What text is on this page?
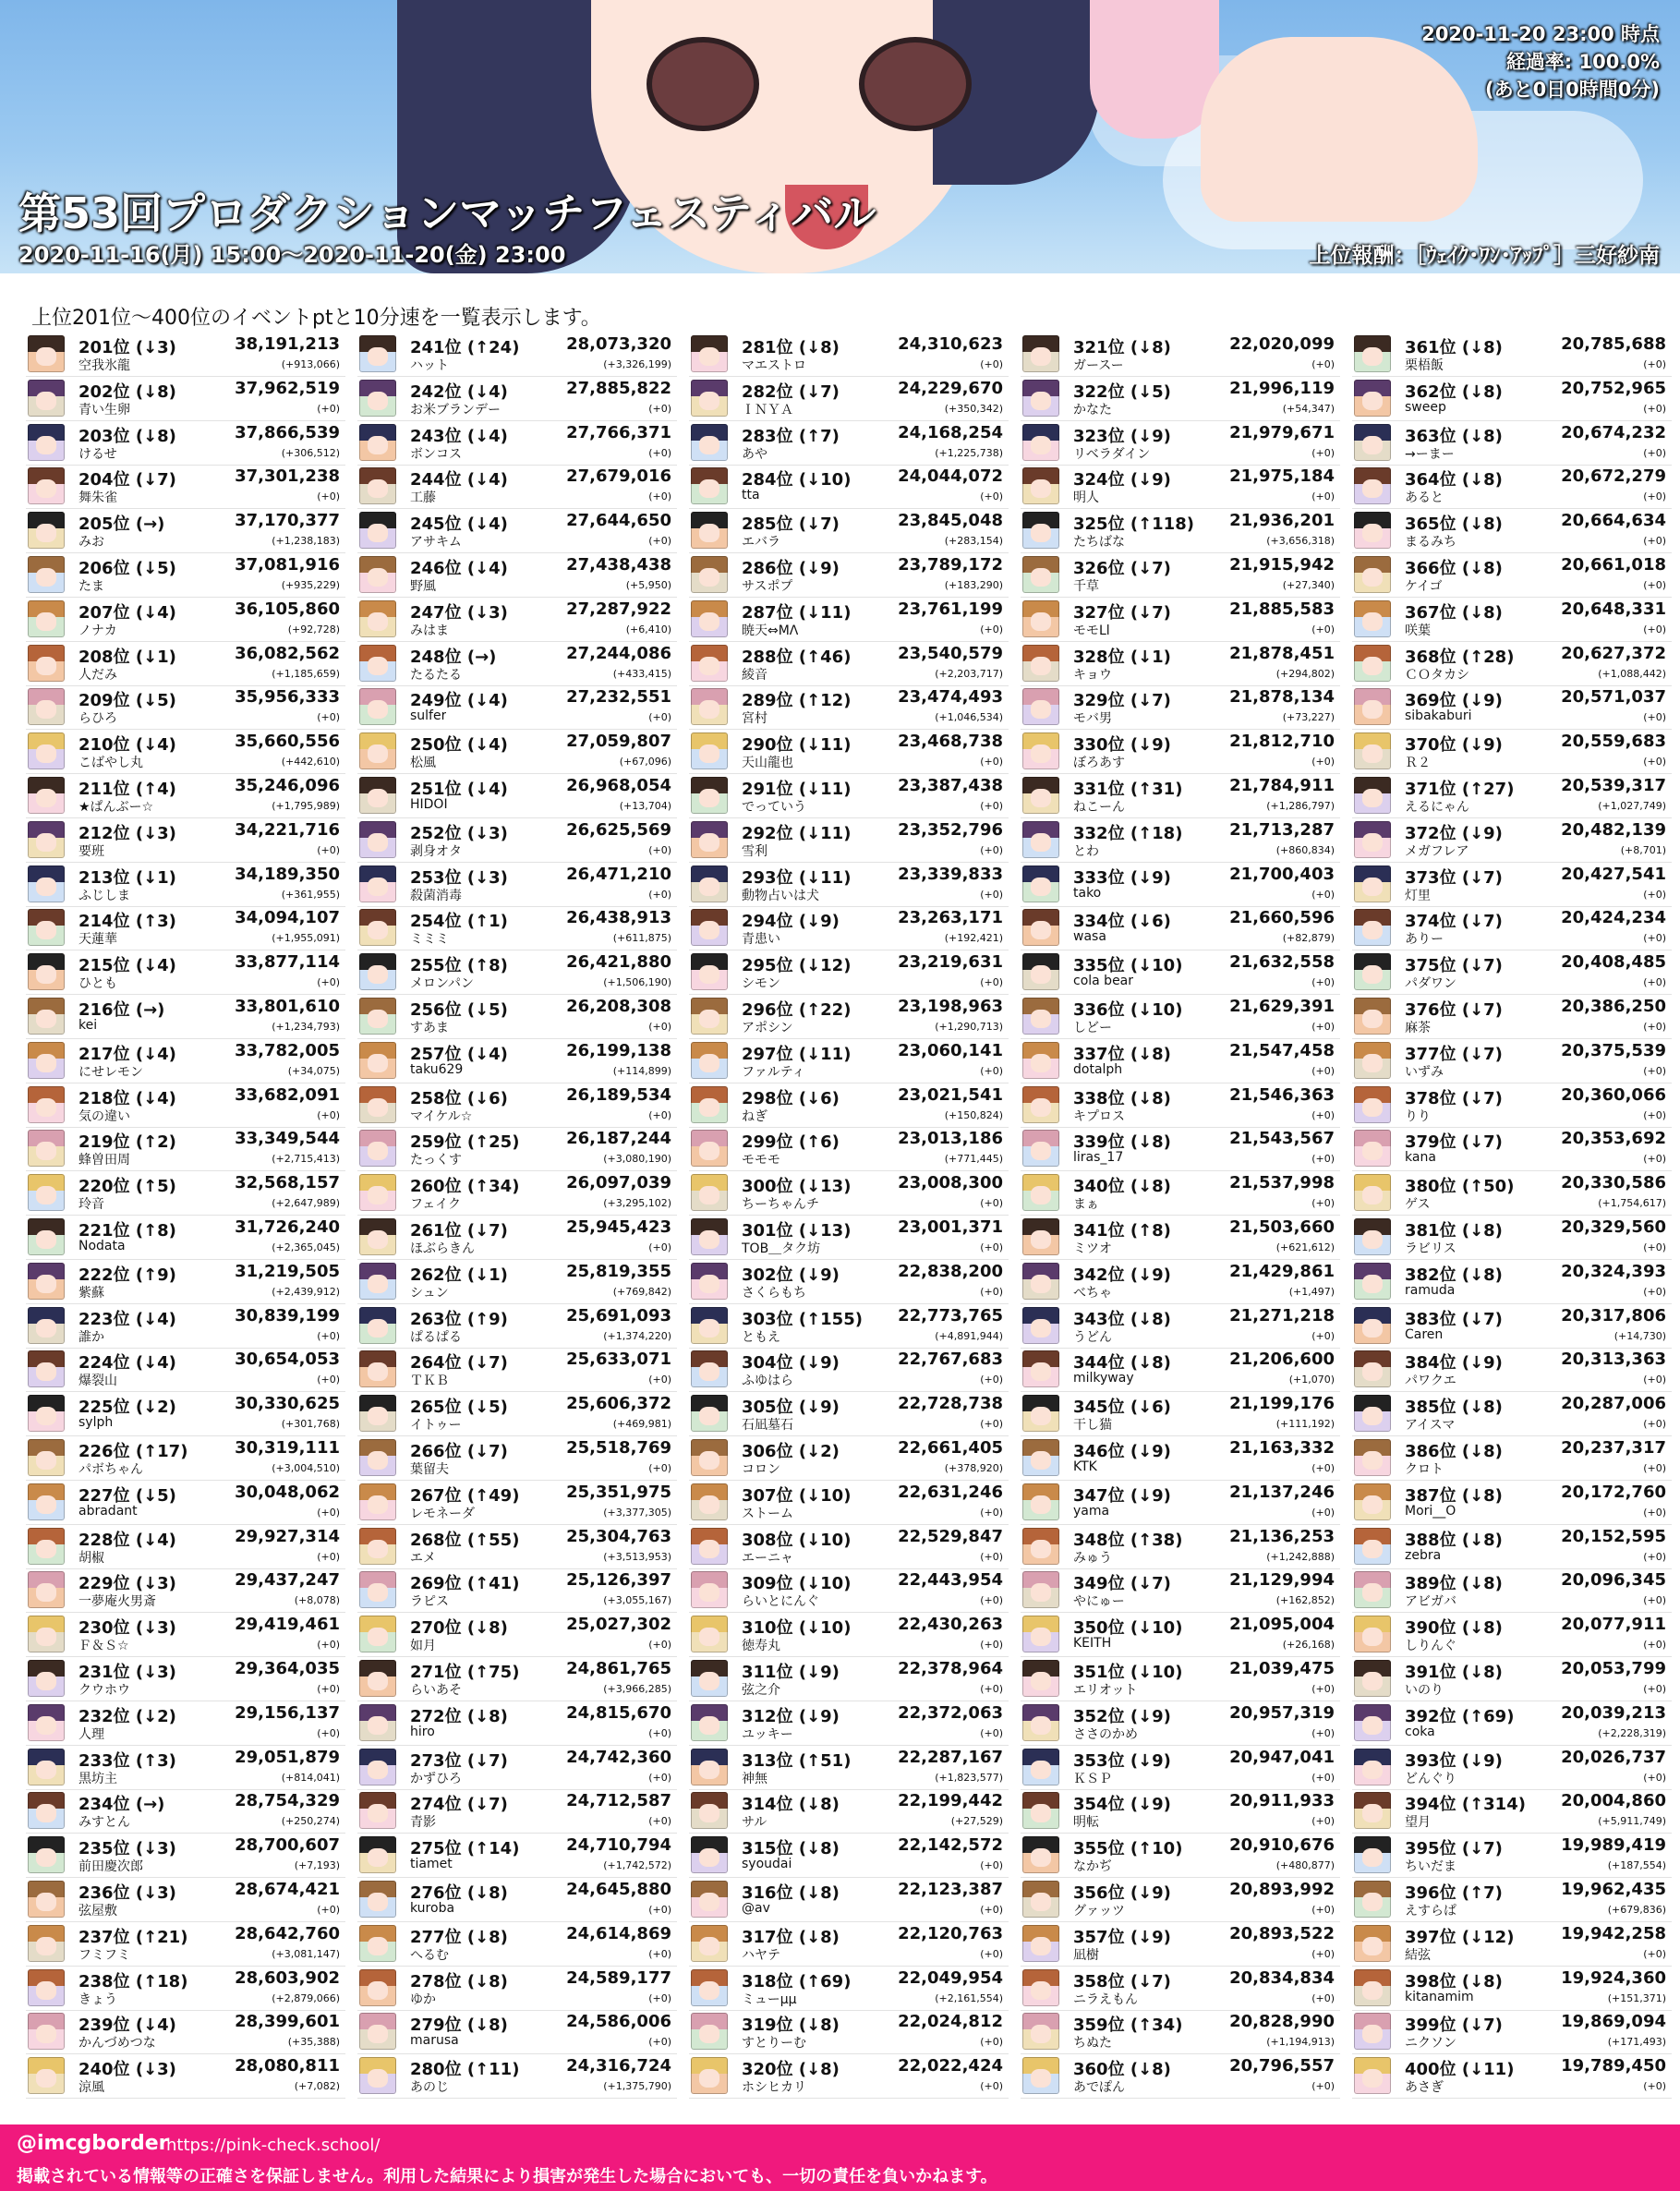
2020-11-20 23:00 時点
経過率: 100.0%
(あと0日0時間0分)
第53回プロダクションマッチフェスティバル
2020-11-16(月) 15:00～2020-11-20(金) 23:00	上位報酬：［ｳｪｲｸ･ﾜﾝ･ｱｯﾌﾟ］三好紗南
上位201位～400位のイベントptと10分速を一覧表示します。
201位 (↓3)	38,191,213
空我氷龍	(+913,066)
202位 (↓8)	37,962,519
青い生卵	(+0)
203位 (↓8)	37,866,539
けるせ	(+306,512)
204位 (↓7)	37,301,238
舞朱雀	(+0)
205位 (→)	37,170,377
みお	(+1,238,183)
206位 (↓5)	37,081,916
たま	(+935,229)
207位 (↓4)	36,105,860
ノナカ	(+92,728)
208位 (↓1)	36,082,562
人だみ	(+1,185,659)
209位 (↓5)	35,956,333
らひろ	(+0)
210位 (↓4)	35,660,556
こばやし丸	(+442,610)
211位 (↑4)	35,246,096
★ぱんぶー☆	(+1,795,989)
212位 (↓3)	34,221,716
要班	(+0)
213位 (↓1)	34,189,350
ふじしま	(+361,955)
214位 (↑3)	34,094,107
天蓮華	(+1,955,091)
215位 (↓4)	33,877,114
ひとも	(+0)
216位 (→)	33,801,610
kei	(+1,234,793)
217位 (↓4)	33,782,005
にせレモン	(+34,075)
218位 (↓4)	33,682,091
気の違い	(+0)
219位 (↑2)	33,349,544
蜂曽田周	(+2,715,413)
220位 (↑5)	32,568,157
玲音	(+2,647,989)
221位 (↑8)	31,726,240
Nodata	(+2,365,045)
222位 (↑9)	31,219,505
紫蘇	(+2,439,912)
223位 (↓4)	30,839,199
誰か	(+0)
224位 (↓4)	30,654,053
爆裂山	(+0)
225位 (↓2)	30,330,625
sylph	(+301,768)
226位 (↑17)	30,319,111
パボちゃん	(+3,004,510)
227位 (↓5)	30,048,062
abradant	(+0)
228位 (↓4)	29,927,314
胡椒	(+0)
229位 (↓3)	29,437,247
一夢庵火男斎	(+8,078)
230位 (↓3)	29,419,461
Ｆ＆Ｓ☆	(+0)
231位 (↓3)	29,364,035
クウホウ	(+0)
232位 (↓2)	29,156,137
人理	(+0)
233位 (↑3)	29,051,879
黒坊主	(+814,041)
234位 (→)	28,754,329
みすとん	(+250,274)
235位 (↓3)	28,700,607
前田慶次郎	(+7,193)
236位 (↓3)	28,674,421
弦屋敷	(+0)
237位 (↑21)	28,642,760
フミフミ	(+3,081,147)
238位 (↑18)	28,603,902
きょう	(+2,879,066)
239位 (↓4)	28,399,601
かんづめつな	(+35,388)
240位 (↓3)	28,080,811
涼風	(+7,082)
241位 (↑24)	28,073,320
ハット	(+3,326,199)
242位 (↓4)	27,885,822
お米ブランデー	(+0)
243位 (↓4)	27,766,371
ボンコス	(+0)
244位 (↓4)	27,679,016
工藤	(+0)
245位 (↓4)	27,644,650
アサキム	(+0)
246位 (↓4)	27,438,438
野風	(+5,950)
247位 (↓3)	27,287,922
みはま	(+6,410)
248位 (→)	27,244,086
たるたる	(+433,415)
249位 (↓4)	27,232,551
sulfer	(+0)
250位 (↓4)	27,059,807
松風	(+67,096)
251位 (↓4)	26,968,054
HIDOI	(+13,704)
252位 (↓3)	26,625,569
剥身オタ	(+0)
253位 (↓3)	26,471,210
殺菌消毒	(+0)
254位 (↑1)	26,438,913
ミミミ	(+611,875)
255位 (↑8)	26,421,880
メロンパン	(+1,506,190)
256位 (↓5)	26,208,308
すあま	(+0)
257位 (↓4)	26,199,138
taku629	(+114,899)
258位 (↓6)	26,189,534
マイケル☆	(+0)
259位 (↑25)	26,187,244
たっくす	(+3,080,190)
260位 (↑34)	26,097,039
フェイク	(+3,295,102)
261位 (↓7)	25,945,423
ほぶらきん	(+0)
262位 (↓1)	25,819,355
シュン	(+769,842)
263位 (↑9)	25,691,093
ぱるぱる	(+1,374,220)
264位 (↓7)	25,633,071
ＴＫＢ	(+0)
265位 (↓5)	25,606,372
イトゥー	(+469,981)
266位 (↓7)	25,518,769
葉留夫	(+0)
267位 (↑49)	25,351,975
レモネーダ	(+3,377,305)
268位 (↑55)	25,304,763
エメ	(+3,513,953)
269位 (↑41)	25,126,397
ラピス	(+3,055,167)
270位 (↓8)	25,027,302
如月	(+0)
271位 (↑75)	24,861,765
らいあそ	(+3,966,285)
272位 (↓8)	24,815,670
hiro	(+0)
273位 (↓7)	24,742,360
かずひろ	(+0)
274位 (↓7)	24,712,587
青影	(+0)
275位 (↑14)	24,710,794
tiamet	(+1,742,572)
276位 (↓8)	24,645,880
kuroba	(+0)
277位 (↓8)	24,614,869
へるむ	(+0)
278位 (↓8)	24,589,177
ゆか	(+0)
279位 (↓8)	24,586,006
marusa	(+0)
280位 (↑11)	24,316,724
あのじ	(+1,375,790)
281位 (↓8)	24,310,623
マエストロ	(+0)
282位 (↓7)	24,229,670
ＩＮＹＡ	(+350,342)
283位 (↑7)	24,168,254
あや	(+1,225,738)
284位 (↓10)	24,044,072
tta	(+0)
285位 (↓7)	23,845,048
エバラ	(+283,154)
286位 (↓9)	23,789,172
サスポプ	(+183,290)
287位 (↓11)	23,761,199
暁天⇔MΛ	(+0)
288位 (↑46)	23,540,579
綾音	(+2,203,717)
289位 (↑12)	23,474,493
宮村	(+1,046,534)
290位 (↓11)	23,468,738
天山龍也	(+0)
291位 (↓11)	23,387,438
でっていう	(+0)
292位 (↓11)	23,352,796
雪利	(+0)
293位 (↓11)	23,339,833
動物占いは犬	(+0)
294位 (↓9)	23,263,171
青患い	(+192,421)
295位 (↓12)	23,219,631
シモン	(+0)
296位 (↑22)	23,198,963
アポシン	(+1,290,713)
297位 (↓11)	23,060,141
ファルティ	(+0)
298位 (↓6)	23,021,541
ねぎ	(+150,824)
299位 (↑6)	23,013,186
モモモ	(+771,445)
300位 (↓13)	23,008,300
ちーちゃんチ	(+0)
301位 (↓13)	23,001,371
TOB＿タク坊	(+0)
302位 (↓9)	22,838,200
さくらもち	(+0)
303位 (↑155) 22,773,765
ともえ	(+4,891,944)
304位 (↓9)	22,767,683
ふゆはら	(+0)
305位 (↓9)	22,728,738
石凪墓石	(+0)
306位 (↓2)	22,661,405
コロン	(+378,920)
307位 (↓10)	22,631,246
ストーム	(+0)
308位 (↓10)	22,529,847
エーニャ	(+0)
309位 (↓10)	22,443,954
らいとにんぐ	(+0)
310位 (↓10)	22,430,263
徳寿丸	(+0)
311位 (↓9)	22,378,964
弦之介	(+0)
312位 (↓9)	22,372,063
ユッキー	(+0)
313位 (↑51)	22,287,167
神無	(+1,823,577)
314位 (↓8)	22,199,442
サル	(+27,529)
315位 (↓8)	22,142,572
syoudai	(+0)
316位 (↓8)	22,123,387
@av	(+0)
317位 (↓8)	22,120,763
ハヤテ	(+0)
318位 (↑69)	22,049,954
ミューμμ	(+2,161,554)
319位 (↓8)	22,024,812
すとりーむ	(+0)
320位 (↓8)	22,022,424
ホシヒカリ	(+0)
321位 (↓8)	22,020,099
ガースー	(+0)
322位 (↓5)	21,996,119
かなた	(+54,347)
323位 (↓9)	21,979,671
リベラダイン	(+0)
324位 (↓9)	21,975,184
明人	(+0)
325位 (↑118) 21,936,201
たちばな	(+3,656,318)
326位 (↓7)	21,915,942
千草	(+27,340)
327位 (↓7)	21,885,583
モモLl	(+0)
328位 (↓1)	21,878,451
キョウ	(+294,802)
329位 (↓7)	21,878,134
モバ男	(+73,227)
330位 (↓9)	21,812,710
ぼろあす	(+0)
331位 (↑31)	21,784,911
ねこーん	(+1,286,797)
332位 (↑18)	21,713,287
とわ	(+860,834)
333位 (↓9)	21,700,403
tako	(+0)
334位 (↓6)	21,660,596
wasa	(+82,879)
335位 (↓10)	21,632,558
cola bear	(+0)
336位 (↓10)	21,629,391
しどー	(+0)
337位 (↓8)	21,547,458
dotalph	(+0)
338位 (↓8)	21,546,363
キプロス	(+0)
339位 (↓8)	21,543,567
liras_17	(+0)
340位 (↓8)	21,537,998
まぁ	(+0)
341位 (↑8)	21,503,660
ミツオ	(+621,612)
342位 (↓9)	21,429,861
べちゃ	(+1,497)
343位 (↓8)	21,271,218
うどん	(+0)
344位 (↓8)	21,206,600
milkyway	(+1,070)
345位 (↓6)	21,199,176
干し猫	(+111,192)
346位 (↓9)	21,163,332
KTK	(+0)
347位 (↓9)	21,137,246
yama	(+0)
348位 (↑38)	21,136,253
みゅう	(+1,242,888)
349位 (↓7)	21,129,994
やにゅー	(+162,852)
350位 (↓10)	21,095,004
KEITH	(+26,168)
351位 (↓10)	21,039,475
エリオット	(+0)
352位 (↓9)	20,957,319
ささのかめ	(+0)
353位 (↓9)	20,947,041
ＫＳＰ	(+0)
354位 (↓9)	20,911,933
明転	(+0)
355位 (↑10)	20,910,676
なかぢ	(+480,877)
356位 (↓9)	20,893,992
グァッツ	(+0)
357位 (↓9)	20,893,522
凪樹	(+0)
358位 (↓7)	20,834,834
ニラえもん	(+0)
359位 (↑34)	20,828,990
ちぬた	(+1,194,913)
360位 (↓8)	20,796,557
あでぽん	(+0)
361位 (↓8)	20,785,688
栗梧飯	(+0)
362位 (↓8)	20,752,965
sweep	(+0)
363位 (↓8)	20,674,232
→ーまー	(+0)
364位 (↓8)	20,672,279
あると	(+0)
365位 (↓8)	20,664,634
まるみち	(+0)
366位 (↓8)	20,661,018
ケイゴ	(+0)
367位 (↓8)	20,648,331
咲葉	(+0)
368位 (↑28)	20,627,372
ＣＯタカシ	(+1,088,442)
369位 (↓9)	20,571,037
sibakaburi	(+0)
370位 (↓9)	20,559,683
Ｒ２	(+0)
371位 (↑27)	20,539,317
えるにゃん	(+1,027,749)
372位 (↓9)	20,482,139
メガフレア	(+8,701)
373位 (↓7)	20,427,541
灯里	(+0)
374位 (↓7)	20,424,234
ありー	(+0)
375位 (↓7)	20,408,485
パダワン	(+0)
376位 (↓7)	20,386,250
麻茶	(+0)
377位 (↓7)	20,375,539
いずみ	(+0)
378位 (↓7)	20,360,066
りり	(+0)
379位 (↓7)	20,353,692
kana	(+0)
380位 (↑50)	20,330,586
ゲス	(+1,754,617)
381位 (↓8)	20,329,560
ラビリス	(+0)
382位 (↓8)	20,324,393
ramuda	(+0)
383位 (↓7)	20,317,806
Caren	(+14,730)
384位 (↓9)	20,313,363
パワクエ	(+0)
385位 (↓8)	20,287,006
アイスマ	(+0)
386位 (↓8)	20,237,317
クロト	(+0)
387位 (↓8)	20,172,760
Mori__O	(+0)
388位 (↓8)	20,152,595
zebra	(+0)
389位 (↓8)	20,096,345
アビガバ	(+0)
390位 (↓8)	20,077,911
しりんぐ	(+0)
391位 (↓8)	20,053,799
いのり	(+0)
392位 (↑69)	20,039,213
coka	(+2,228,319)
393位 (↓9)	20,026,737
どんぐり	(+0)
394位 (↑314) 20,004,860
望月	(+5,911,749)
395位 (↓7)	19,989,419
ちいだま	(+187,554)
396位 (↑7)	19,962,435
えすらぱ	(+679,836)
397位 (↓12)	19,942,258
結弦	(+0)
398位 (↓8)	19,924,360
kitanamim	(+151,371)
399位 (↓7)	19,869,094
ニクソン	(+171,493)
400位 (↓11)	19,789,450
あさぎ	(+0)
@imcgborder
https://pink-check.school/
掲載されている情報等の正確さを保証しません。利用した結果により損害が発生した場合においても、一切の責任を負いかねます。
